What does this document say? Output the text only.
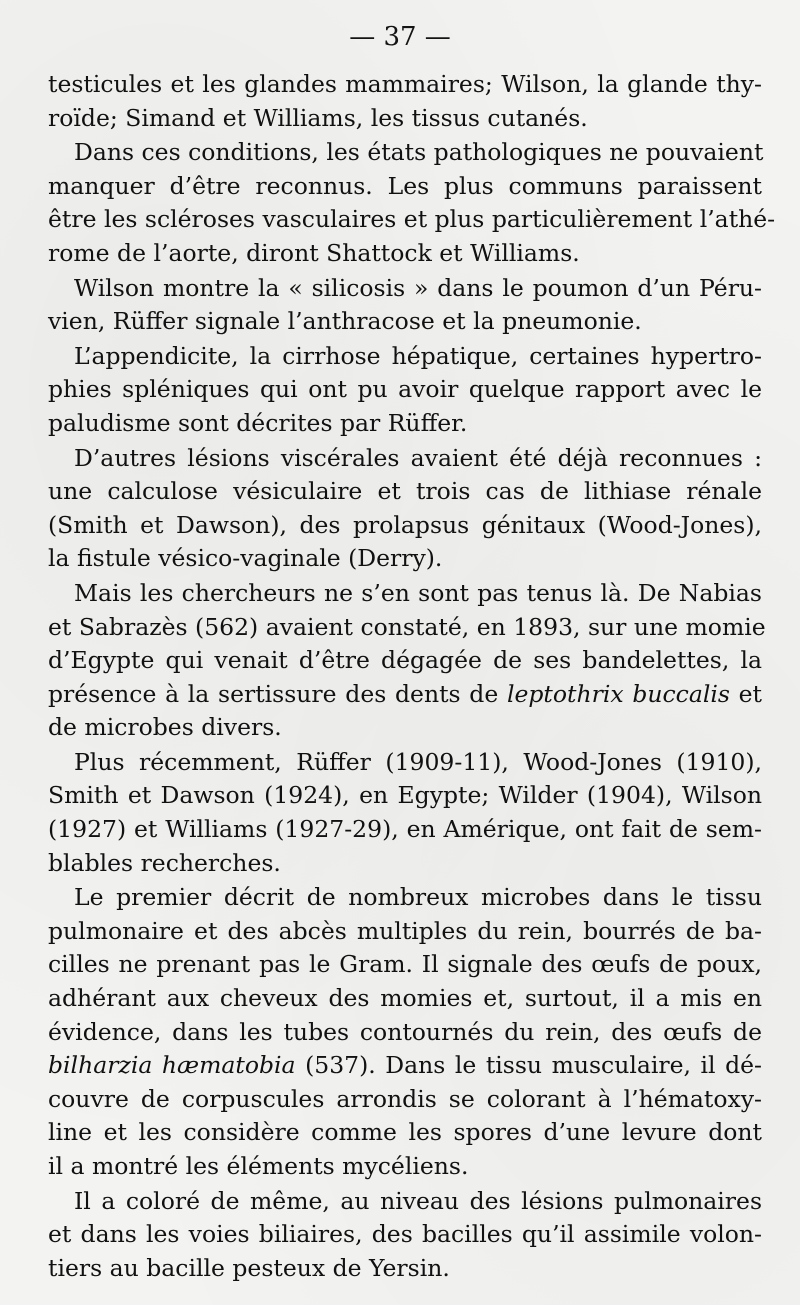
— 37 —
testicules et les glandes mammaires; Wilson, la glande thy-
roïde; Simand et Williams, les tissus cutanés.
Dans ces conditions, les états pathologiques ne pouvaient
manquer d’être reconnus. Les plus communs paraissent
être les scléroses vasculaires et plus particulièrement l’athé-
rome de l’aorte, diront Shattock et Williams.
Wilson montre la « silicosis » dans le poumon d’un Péru-
vien, Rüffer signale l’anthracose et la pneumonie.
L’appendicite, la cirrhose hépatique, certaines hypertro-
phies spléniques qui ont pu avoir quelque rapport avec le
paludisme sont décrites par Rüffer.
D’autres lésions viscérales avaient été déjà reconnues :
une calculose vésiculaire et trois cas de lithiase rénale
(Smith et Dawson), des prolapsus génitaux (Wood-Jones),
la fistule vésico-vaginale (Derry).
Mais les chercheurs ne s’en sont pas tenus là. De Nabias
et Sabrazès (562) avaient constaté, en 1893, sur une momie
d’Egypte qui venait d’être dégagée de ses bandelettes, la
présence à la sertissure des dents de leptothrix buccalis et
de microbes divers.
Plus récemment, Rüffer (1909-11), Wood-Jones (1910),
Smith et Dawson (1924), en Egypte; Wilder (1904), Wilson
(1927) et Williams (1927-29), en Amérique, ont fait de sem-
blables recherches.
Le premier décrit de nombreux microbes dans le tissu
pulmonaire et des abcès multiples du rein, bourrés de ba-
cilles ne prenant pas le Gram. Il signale des œufs de poux,
adhérant aux cheveux des momies et, surtout, il a mis en
évidence, dans les tubes contournés du rein, des œufs de
bilharzia hæmatobia (537). Dans le tissu musculaire, il dé-
couvre de corpuscules arrondis se colorant à l’hématoxy-
line et les considère comme les spores d’une levure dont
il a montré les éléments mycéliens.
Il a coloré de même, au niveau des lésions pulmonaires
et dans les voies biliaires, des bacilles qu’il assimile volon-
tiers au bacille pesteux de Yersin.
